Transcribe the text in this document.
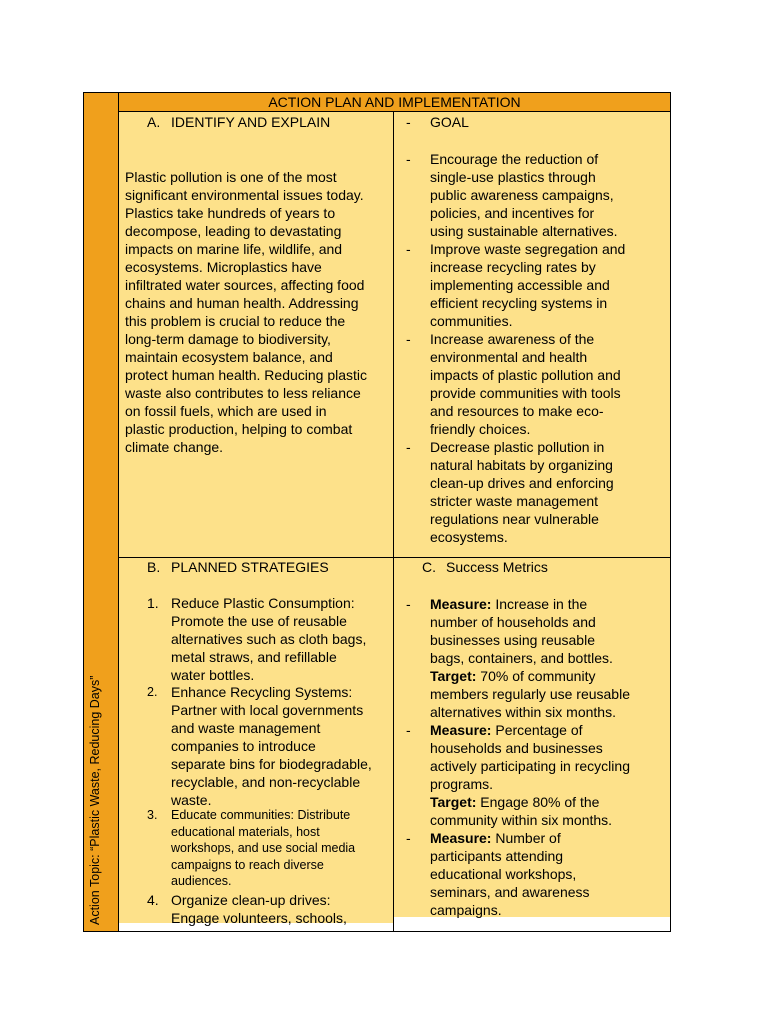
Action Topic: “Plastic Waste, Reducing Days”
ACTION PLAN AND IMPLEMENTATION
A. IDENTIFY AND EXPLAIN
Plastic pollution is one of the most
significant environmental issues today.
Plastics take hundreds of years to
decompose, leading to devastating
impacts on marine life, wildlife, and
ecosystems. Microplastics have
infiltrated water sources, affecting food
chains and human health. Addressing
this problem is crucial to reduce the
long-term damage to biodiversity,
maintain ecosystem balance, and
protect human health. Reducing plastic
waste also contributes to less reliance
on fossil fuels, which are used in
plastic production, helping to combat
climate change.
- GOAL
- Encourage the reduction of
single-use plastics through
public awareness campaigns,
policies, and incentives for
using sustainable alternatives.
- Improve waste segregation and
increase recycling rates by
implementing accessible and
efficient recycling systems in
communities.
- Increase awareness of the
environmental and health
impacts of plastic pollution and
provide communities with tools
and resources to make eco-
friendly choices.
- Decrease plastic pollution in
natural habitats by organizing
clean-up drives and enforcing
stricter waste management
regulations near vulnerable
ecosystems.
B. PLANNED STRATEGIES
1. Reduce Plastic Consumption:
Promote the use of reusable
alternatives such as cloth bags,
metal straws, and refillable
water bottles.
2. Enhance Recycling Systems:
Partner with local governments
and waste management
companies to introduce
separate bins for biodegradable,
recyclable, and non-recyclable
waste.
3. Educate communities: Distribute
educational materials, host
workshops, and use social media
campaigns to reach diverse
audiences.
4. Organize clean-up drives:
Engage volunteers, schools,
C. Success Metrics
- Measure: Increase in the
number of households and
businesses using reusable
bags, containers, and bottles.
Target: 70% of community
members regularly use reusable
alternatives within six months.
- Measure: Percentage of
households and businesses
actively participating in recycling
programs.
Target: Engage 80% of the
community within six months.
- Measure: Number of
participants attending
educational workshops,
seminars, and awareness
campaigns.
